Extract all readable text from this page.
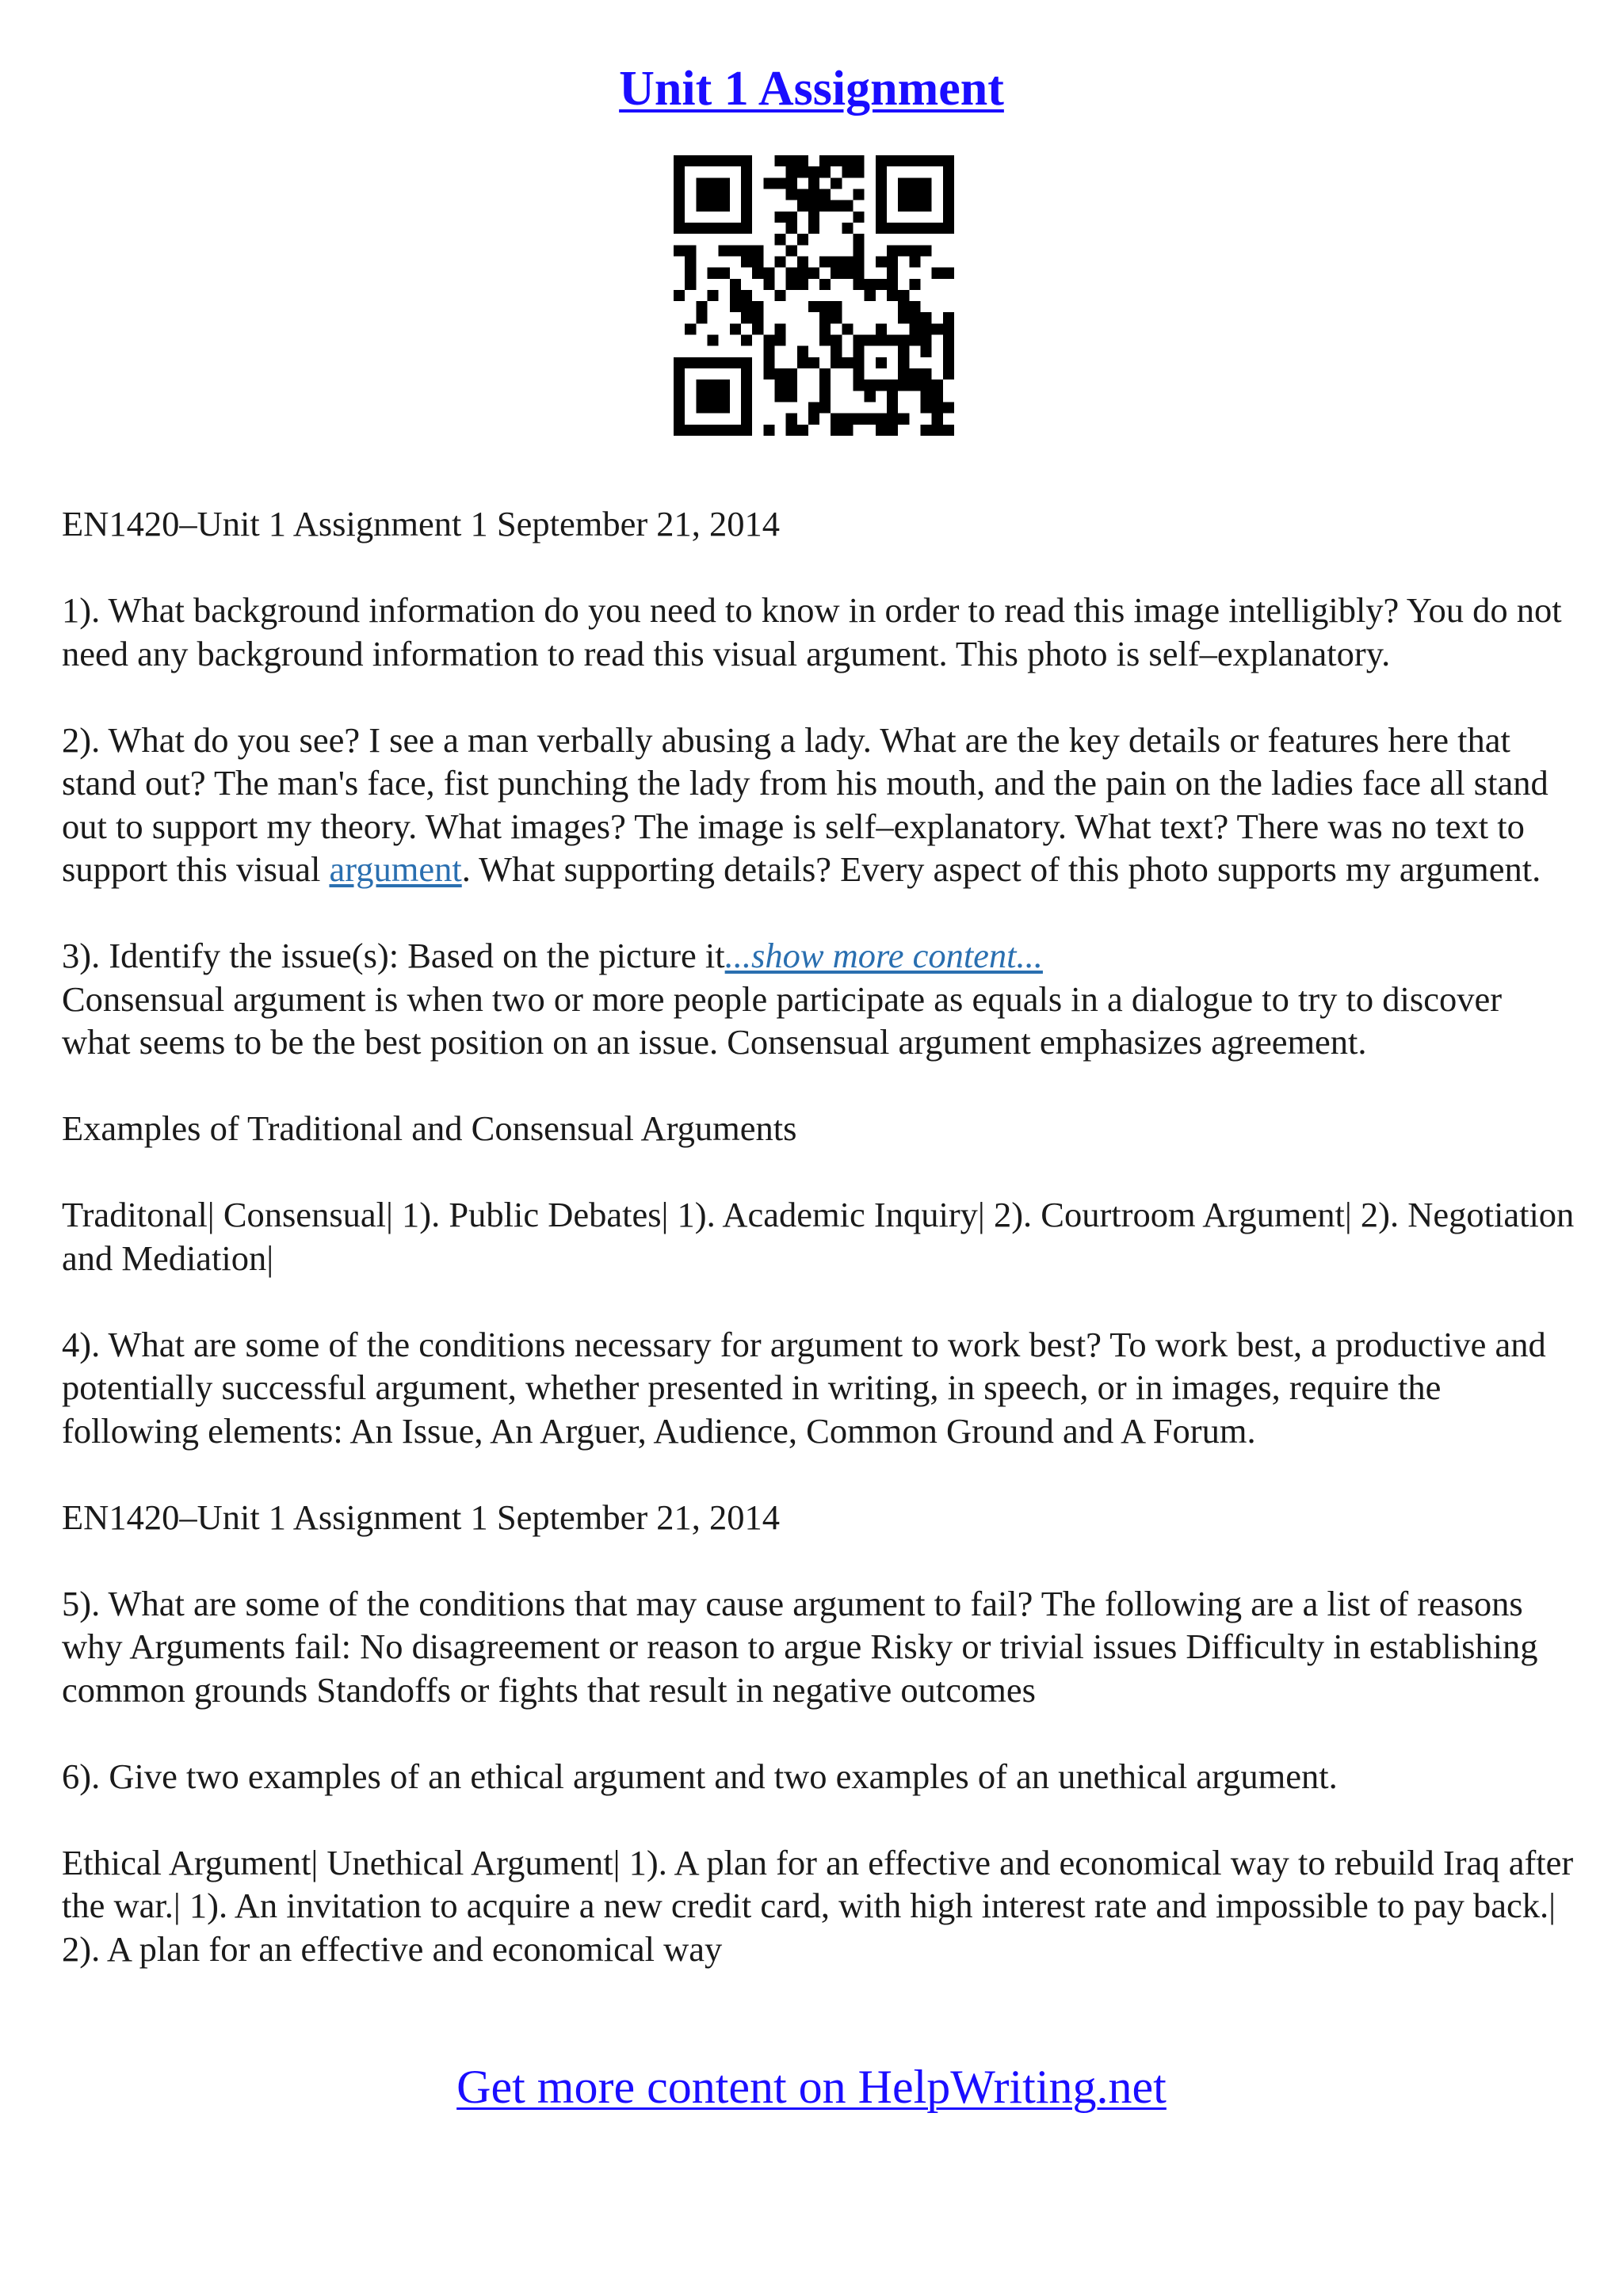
Unit 1 Assignment

EN1420–Unit 1 Assignment 1 September 21, 2014

1). What background information do you need to know in order to read this image intelligibly? You do not need any background information to read this visual argument. This photo is self–explanatory.

2). What do you see? I see a man verbally abusing a lady. What are the key details or features here that stand out? The man's face, fist punching the lady from his mouth, and the pain on the ladies face all stand out to support my theory. What images? The image is self–explanatory. What text? There was no text to support this visual argument. What supporting details? Every aspect of this photo supports my argument.

3). Identify the issue(s): Based on the picture it...show more content...

Consensual argument is when two or more people participate as equals in a dialogue to try to discover what seems to be the best position on an issue. Consensual argument emphasizes agreement.

Examples of Traditional and Consensual Arguments

Traditonal| Consensual| 1). Public Debates| 1). Academic Inquiry| 2). Courtroom Argument| 2). Negotiation and Mediation|

4). What are some of the conditions necessary for argument to work best? To work best, a productive and potentially successful argument, whether presented in writing, in speech, or in images, require the following elements: An Issue, An Arguer, Audience, Common Ground and A Forum.

EN1420–Unit 1 Assignment 1 September 21, 2014

5). What are some of the conditions that may cause argument to fail? The following are a list of reasons why Arguments fail: No disagreement or reason to argue Risky or trivial issues Difficulty in establishing common grounds Standoffs or fights that result in negative outcomes

6). Give two examples of an ethical argument and two examples of an unethical argument.

Ethical Argument| Unethical Argument| 1). A plan for an effective and economical way to rebuild Iraq after the war.| 1). An invitation to acquire a new credit card, with high interest rate and impossible to pay back.| 2). A plan for an effective and economical way

Get more content on HelpWriting.net
